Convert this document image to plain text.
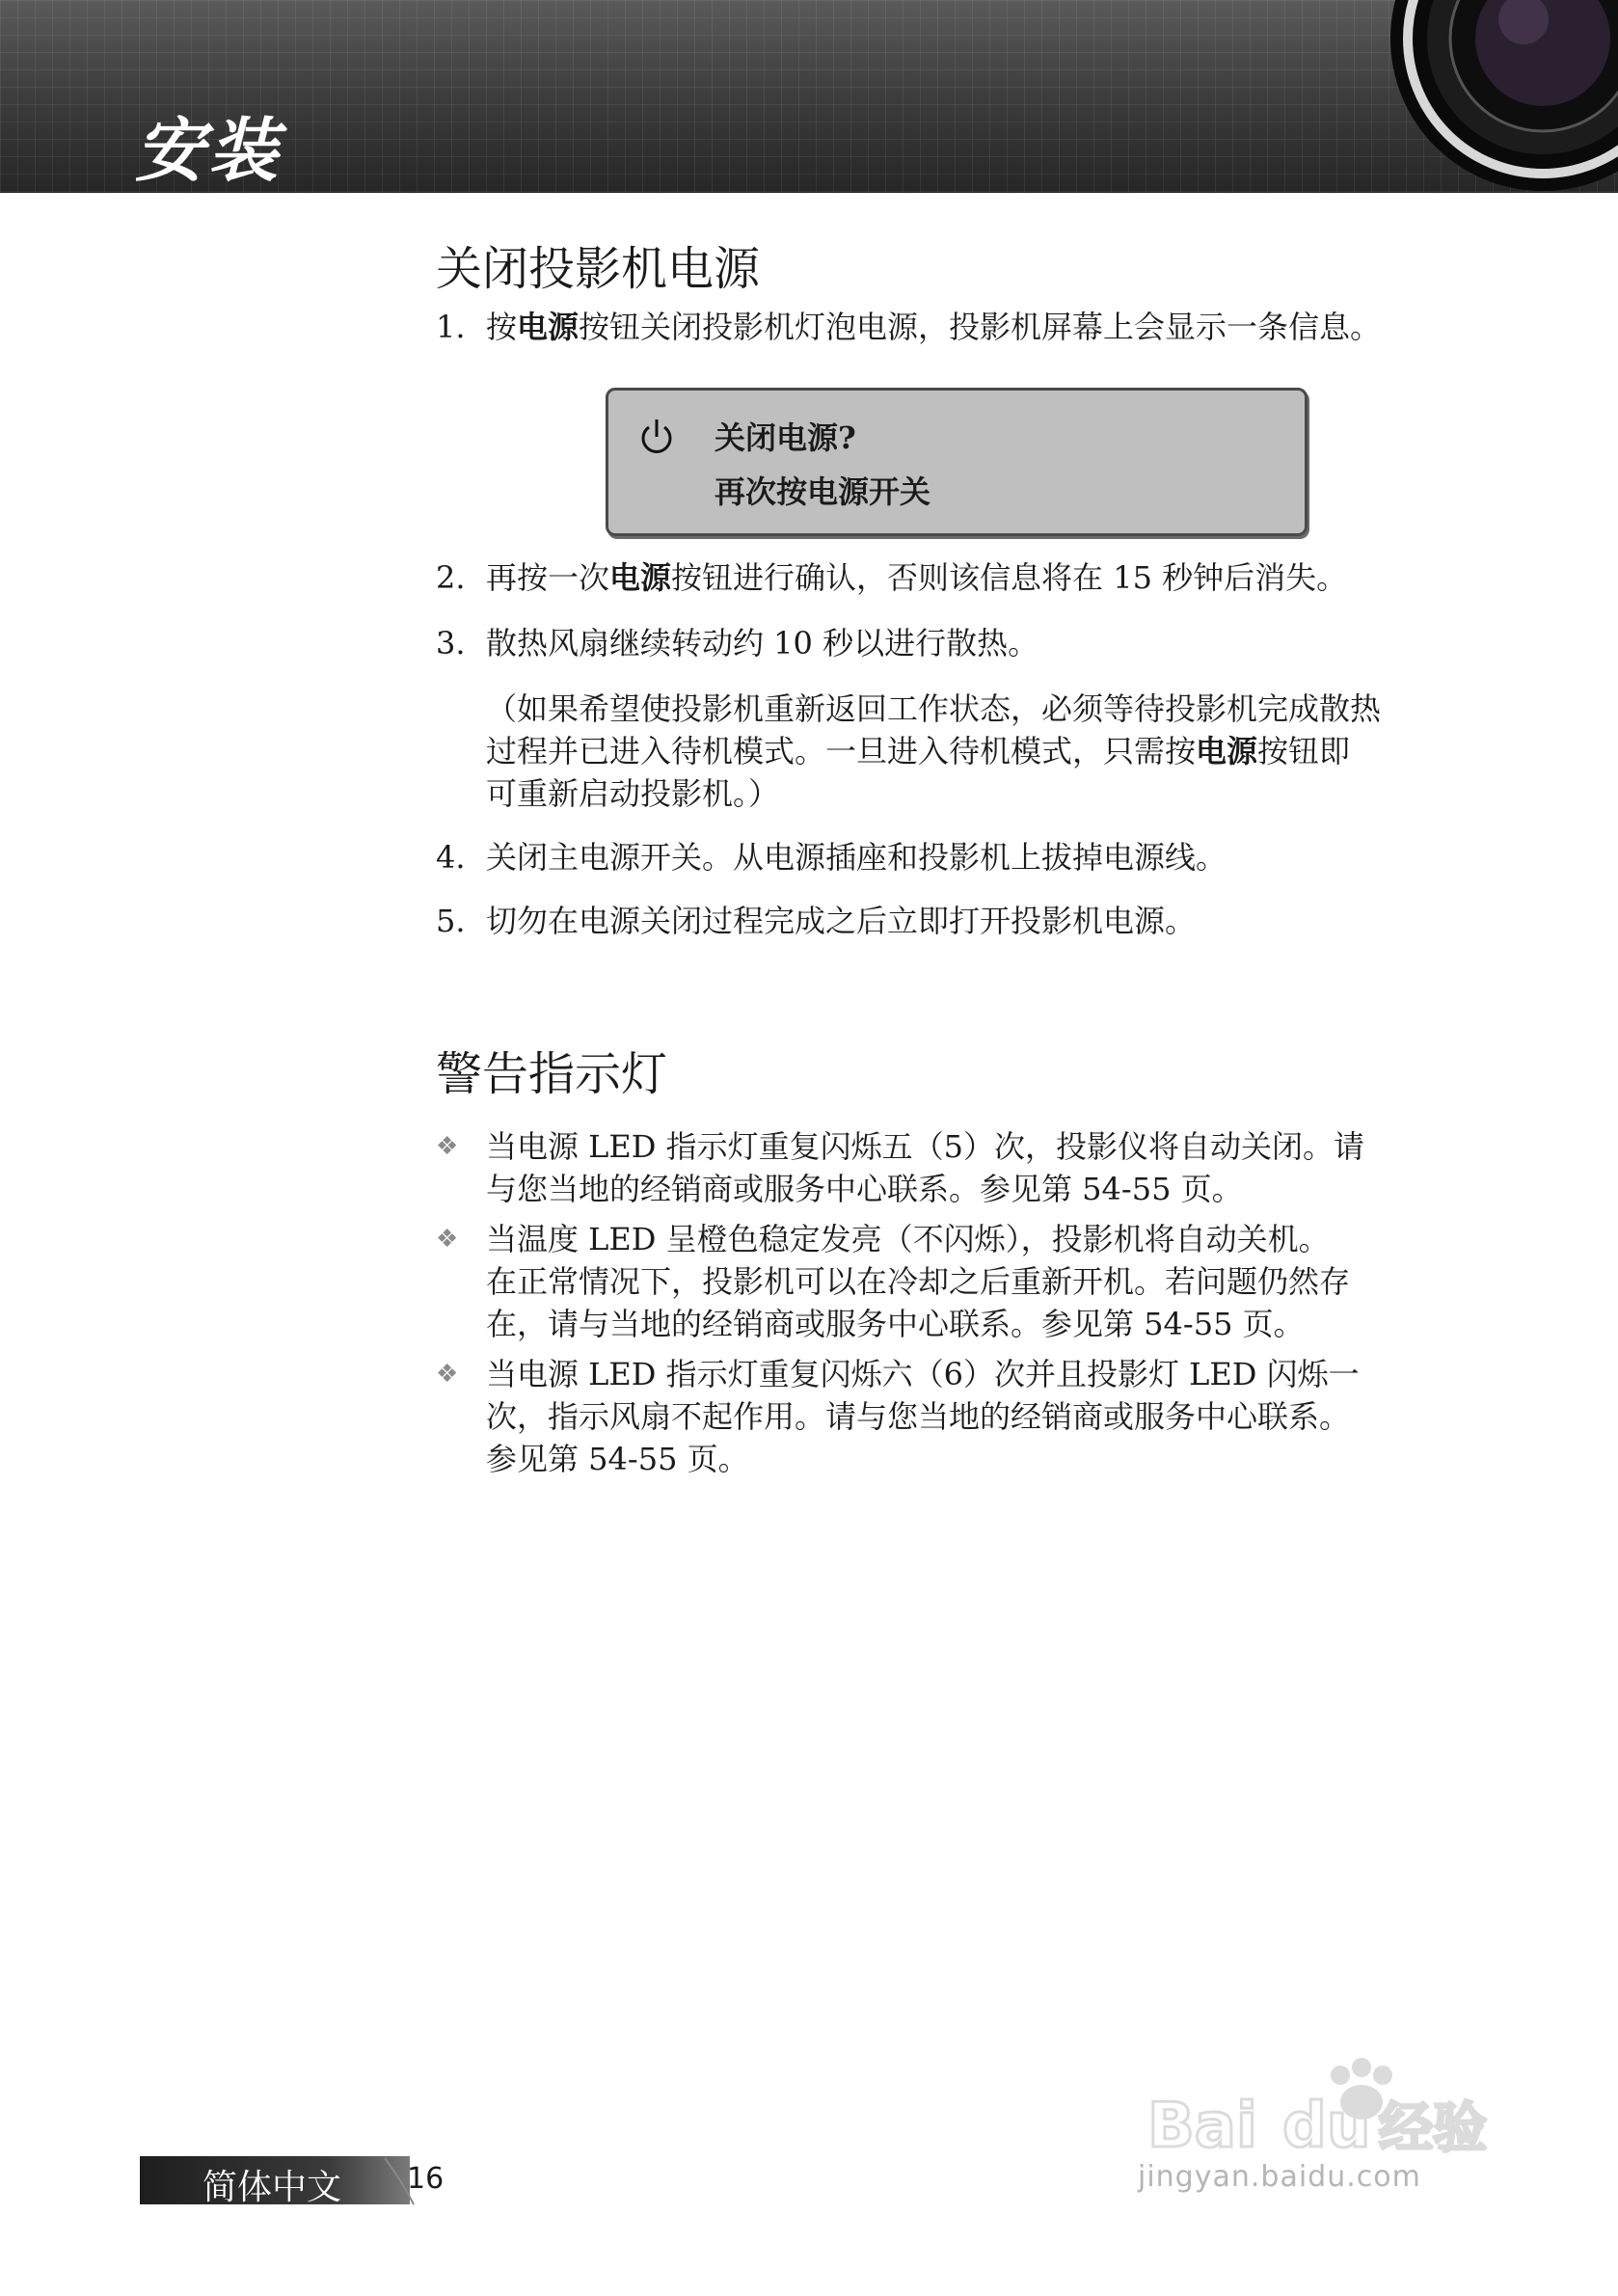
安装
关闭投影机电源
1. 按电源按钮关闭投影机灯泡电源，投影机屏幕上会显示一条信息。
关闭电源?
再次按电源开关
2. 再按一次电源按钮进行确认，否则该信息将在 15 秒钟后消失。
3. 散热风扇继续转动约 10 秒以进行散热。
（如果希望使投影机重新返回工作状态，必须等待投影机完成散热
过程并已进入待机模式。一旦进入待机模式，只需按电源按钮即
可重新启动投影机。）
4. 关闭主电源开关。从电源插座和投影机上拔掉电源线。
5. 切勿在电源关闭过程完成之后立即打开投影机电源。
警告指示灯
❖ 当电源 LED 指示灯重复闪烁五（5）次，投影仪将自动关闭。请
与您当地的经销商或服务中心联系。参见第 54-55 页。
❖ 当温度 LED 呈橙色稳定发亮（不闪烁），投影机将自动关机。
在正常情况下，投影机可以在冷却之后重新开机。若问题仍然存
在，请与当地的经销商或服务中心联系。参见第 54-55 页。
❖ 当电源 LED 指示灯重复闪烁六（6）次并且投影灯 LED 闪烁一
次，指示风扇不起作用。请与您当地的经销商或服务中心联系。
参见第 54-55 页。
简体中文 16
Bai du 经验
jingyan.baidu.com
